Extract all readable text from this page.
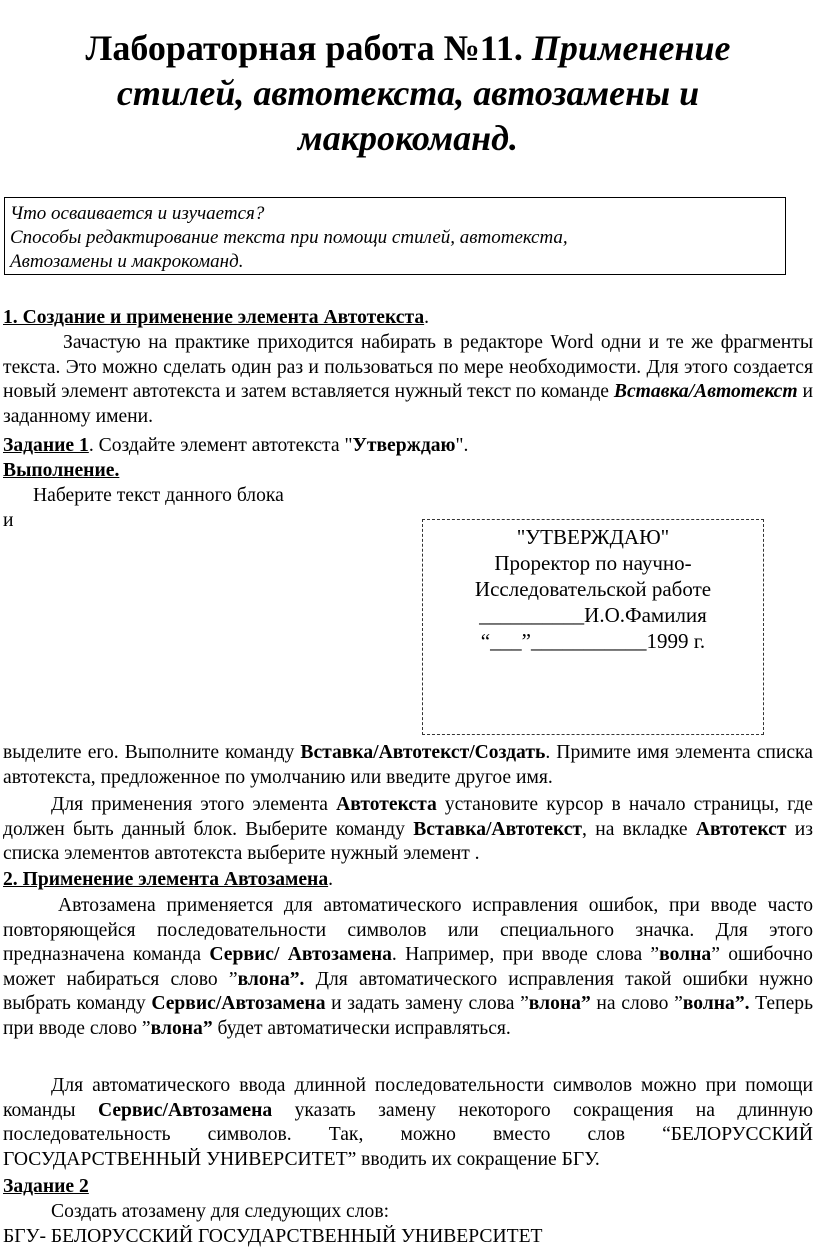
Лабораторная работа №11. Применение
стилей, автотекста, автозамены и
макрокоманд.
Что осваивается и изучается?
Способы редактирование текста при помощи стилей, автотекста,
Автозамены и макрокоманд.
1. Создание и применение элемента Автотекста.
Зачастую на практике приходится набирать в редакторе Word одни и те же фрагменты текста. Это можно сделать один раз и пользоваться по мере необходимости. Для этого создается новый элемент автотекста и затем вставляется нужный текст по команде Вставка/Автотекст и заданному имени.
Задание 1. Создайте элемент автотекста "Утверждаю".
Выполнение.
Наберите текст данного блока
и
"УТВЕРЖДАЮ"
Проректор по научно-
Исследовательской работе
__________И.О.Фамилия
“___”___________1999 г.
выделите его. Выполните команду Вставка/Автотекст/Создать. Примите имя элемента списка автотекста, предложенное по умолчанию или введите другое имя.
Для применения этого элемента Автотекста установите курсор в начало страницы, где должен быть данный блок. Выберите команду Вставка/Автотекст, на вкладке Автотекст из списка элементов автотекста выберите нужный элемент .
2. Применение элемента Автозамена.
Автозамена применяется для автоматического исправления ошибок, при вводе часто повторяющейся последовательности символов или специального значка. Для этого предназначена команда Сервис/ Автозамена. Например, при вводе слова ”волна” ошибочно может набираться слово ”влона”. Для автоматического исправления такой ошибки нужно выбрать команду Сервис/Автозамена и задать замену слова ”влона” на слово ”волна”. Теперь при вводе слово ”влона” будет автоматически исправляться.
Для автоматического ввода длинной последовательности символов можно при помощи команды Сервис/Автозамена указать замену некоторого сокращения на длинную последовательность символов. Так, можно вместо слов “БЕЛОРУССКИЙ ГОСУДАРСТВЕННЫЙ УНИВЕРСИТЕТ” вводить их сокращение БГУ.
Задание 2
Создать атозамену для следующих слов:
БГУ- БЕЛОРУССКИЙ ГОСУДАРСТВЕННЫЙ УНИВЕРСИТЕТ
